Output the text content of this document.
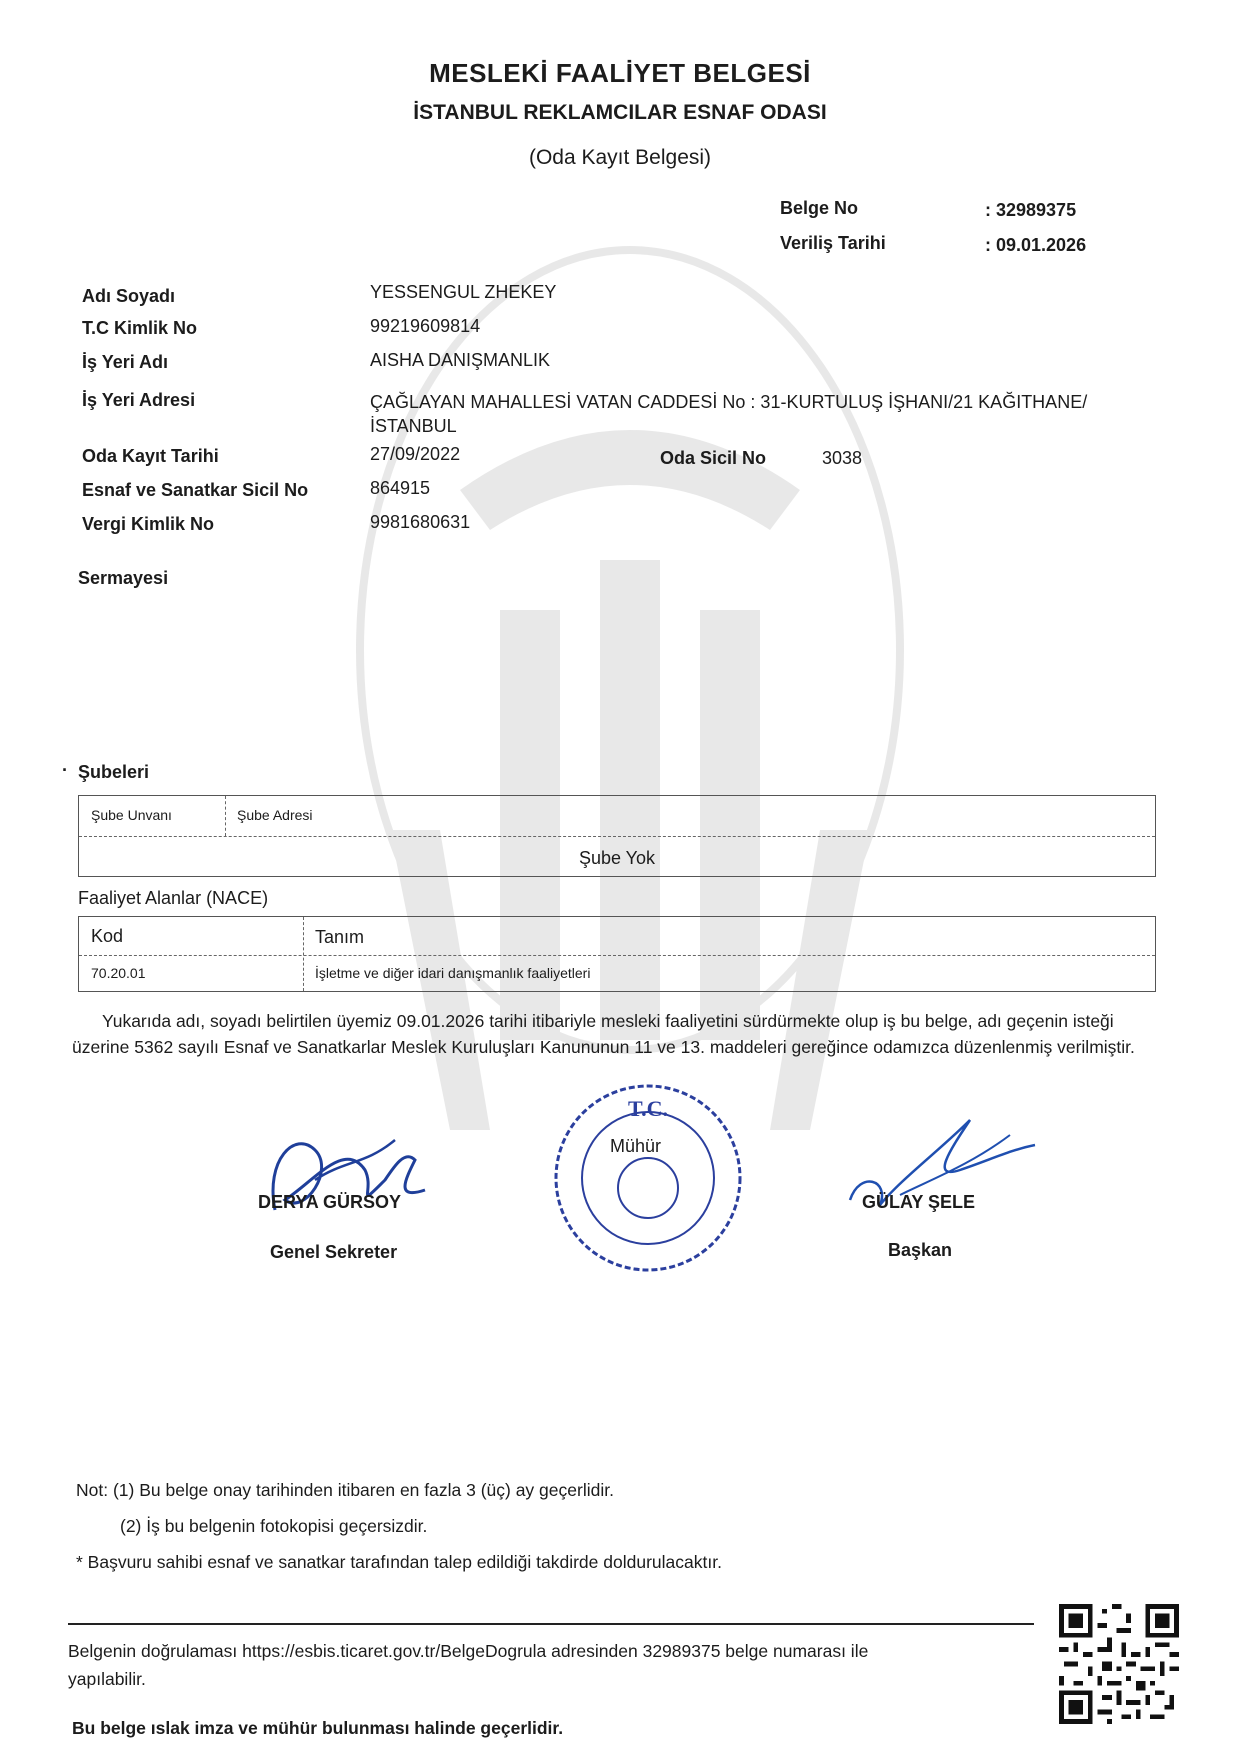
MESLEKİ FAALİYET BELGESİ
İSTANBUL REKLAMCILAR ESNAF ODASI
(Oda Kayıt Belgesi)
Belge No	: 32989375
Veriliş Tarihi	: 09.01.2026
Adı Soyadı	YESSENGUL ZHEKEY
T.C Kimlik No	99219609814
İş Yeri Adı	AISHA DANIŞMANLIK
İş Yeri Adresi	ÇAĞLAYAN MAHALLESİ VATAN CADDESİ No : 31-KURTULUŞ İŞHANI/21 KAĞITHANE/
İSTANBUL
Oda Kayıt Tarihi	27/09/2022	Oda Sicil No	3038
Esnaf ve Sanatkar Sicil No	864915
Vergi Kimlik No	9981680631
Sermayesi
· Şubeleri
Şube Unvanı	Şube Adresi
Şube Yok
Faaliyet Alanlar (NACE)
Kod	Tanım
70.20.01	İşletme ve diğer idari danışmanlık faaliyetleri

Yukarıda adı, soyadı belirtilen üyemiz 09.01.2026 tarihi itibariyle mesleki faaliyetini sürdürmekte olup iş bu belge, adı geçenin isteği üzerine 5362 sayılı Esnaf ve Sanatkarlar Meslek Kuruluşları Kanununun 11 ve 13. maddeleri gereğince odamızca düzenlenmiş verilmiştir.

DERYA GÜRSOY
Genel Sekreter
T.C.
Mühür
GÜLAY ŞELE
Başkan
Not: (1) Bu belge onay tarihinden itibaren en fazla 3 (üç) ay geçerlidir.
(2) İş bu belgenin fotokopisi geçersizdir.
* Başvuru sahibi esnaf ve sanatkar tarafından talep edildiği takdirde doldurulacaktır.
Belgenin doğrulaması https://esbis.ticaret.gov.tr/BelgeDogrula adresinden 32989375 belge numarası ile
yapılabilir.
Bu belge ıslak imza ve mühür bulunması halinde geçerlidir.
